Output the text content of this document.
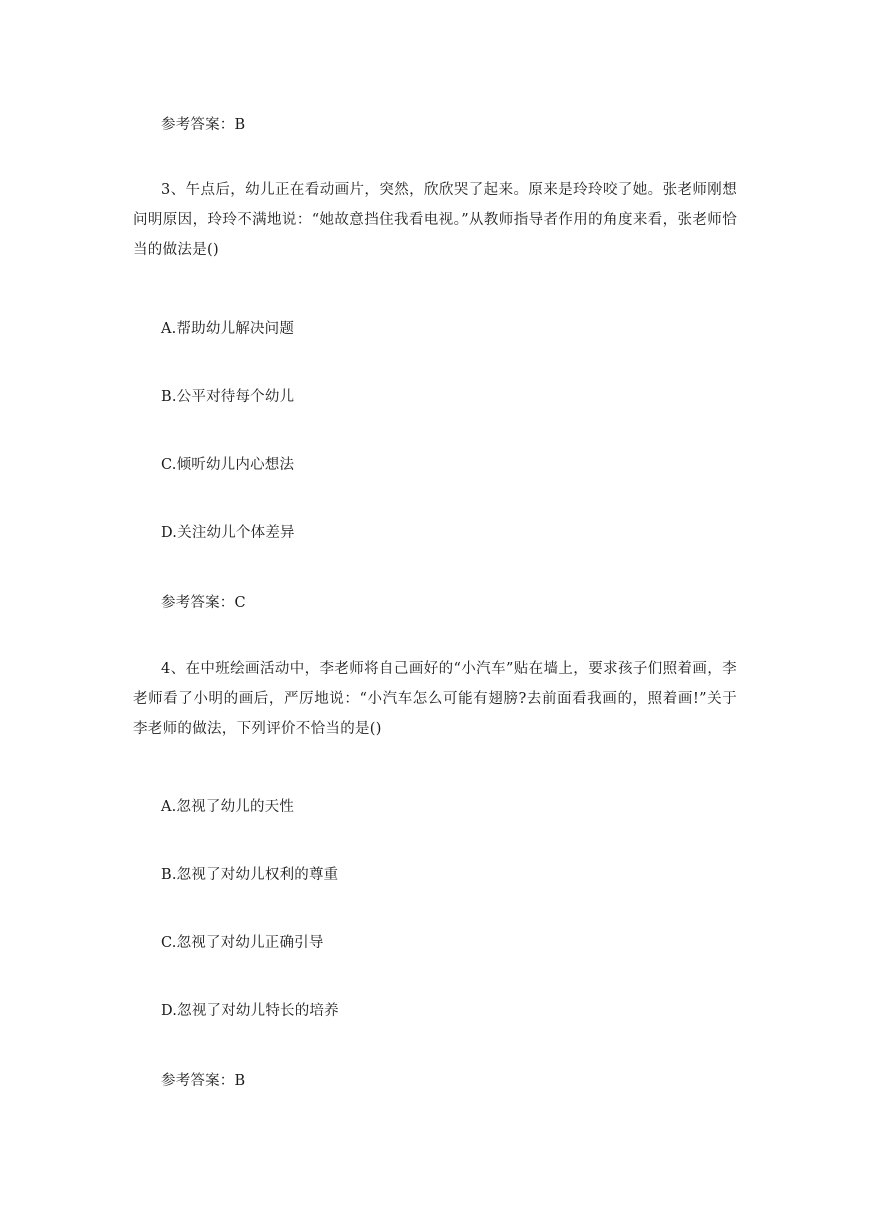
参考答案：B
3、午点后，幼儿正在看动画片，突然，欣欣哭了起来。原来是玲玲咬了她。张老师刚想问明原因，玲玲不满地说：“她故意挡住我看电视。”从教师指导者作用的角度来看，张老师恰当的做法是()
A.帮助幼儿解决问题
B.公平对待每个幼儿
C.倾听幼儿内心想法
D.关注幼儿个体差异
参考答案：C
4、在中班绘画活动中，李老师将自己画好的“小汽车”贴在墙上，要求孩子们照着画，李老师看了小明的画后，严厉地说：“小汽车怎么可能有翅膀?去前面看我画的，照着画!”关于李老师的做法，下列评价不恰当的是()
A.忽视了幼儿的天性
B.忽视了对幼儿权利的尊重
C.忽视了对幼儿正确引导
D.忽视了对幼儿特长的培养
参考答案：B
